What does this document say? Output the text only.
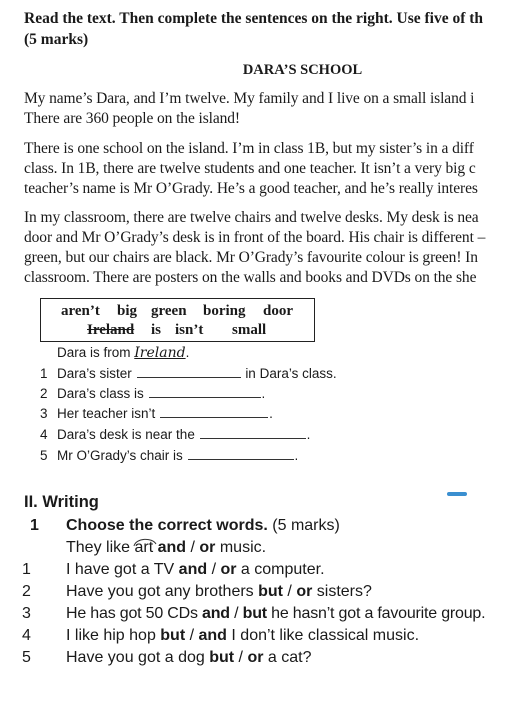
Read the text. Then complete the sentences on the right. Use five of th
(5 marks)
DARA’S SCHOOL
My name’s Dara, and I’m twelve. My family and I live on a small island i
There are 360 people on the island!
There is one school on the island. I’m in class 1B, but my sister’s in a diff
class. In 1B, there are twelve students and one teacher. It isn’t a very big c
teacher’s name is Mr O’Grady. He’s a good teacher, and he’s really interes
In my classroom, there are twelve chairs and twelve desks. My desk is nea
door and Mr O’Grady’s desk is in front of the board. His chair is different –
green, but our chairs are black. Mr O’Grady’s favourite colour is green! In
classroom. There are posters on the walls and books and DVDs on the she
aren’t big green boring door
Ireland is isn’t small
Dara is from Ireland.
1 Dara’s sister	in Dara’s class.
2 Dara’s class is	.
3 Her teacher isn’t	.
4 Dara’s desk is near the	.
5 Mr O’Grady’s chair is	.
II. Writing
1 Choose the correct words. (5 marks)
They like art and / or music.
1 I have got a TV and / or a computer.
2 Have you got any brothers but / or sisters?
3 He has got 50 CDs and / but he hasn’t got a favourite group.
4 I like hip hop but / and I don’t like classical music.
5 Have you got a dog but / or a cat?
